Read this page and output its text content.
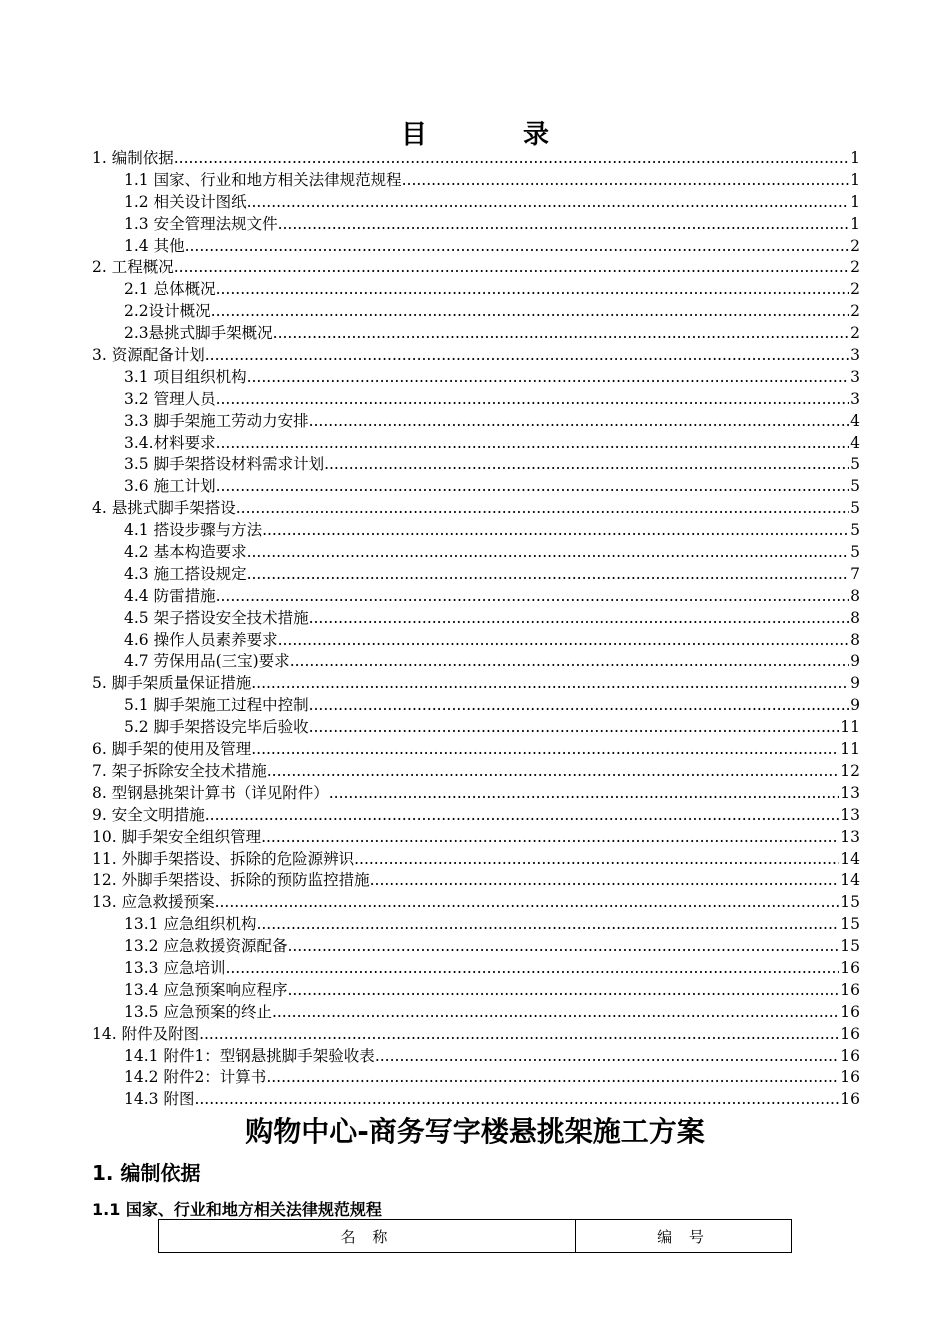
目	录
1. 编制依据 .....	1
1.1 国家、行业和地方相关法律规范规程 .....	1
1.2 相关设计图纸 .....	1
1.3 安全管理法规文件 .....	1
1.4 其他 .....	2
2. 工程概况 .....	2
2.1 总体概况 .....	2
2.2设计概况 .....	2
2.3悬挑式脚手架概况 .....	2
3. 资源配备计划 .....	3
3.1 项目组织机构 .....	3
3.2 管理人员 .....	3
3.3 脚手架施工劳动力安排 .....	4
3.4.材料要求 .....	4
3.5 脚手架搭设材料需求计划 .....	5
3.6 施工计划 .....	5
4. 悬挑式脚手架搭设 .....	5
4.1 搭设步骤与方法 .....	5
4.2 基本构造要求 .....	5
4.3 施工搭设规定 .....	7
4.4 防雷措施 .....	8
4.5 架子搭设安全技术措施 .....	8
4.6 操作人员素养要求 .....	8
4.7 劳保用品(三宝)要求 .....	9
5. 脚手架质量保证措施 .....	9
5.1 脚手架施工过程中控制 .....	9
5.2 脚手架搭设完毕后验收 .....	11
6. 脚手架的使用及管理 .....	11
7. 架子拆除安全技术措施 .....	12
8. 型钢悬挑架计算书（详见附件） .....	13
9. 安全文明措施 .....	13
10. 脚手架安全组织管理 .....	13
11. 外脚手架搭设、拆除的危险源辨识 .....	14
12. 外脚手架搭设、拆除的预防监控措施 .....	14
13. 应急救援预案 .....	15
13.1 应急组织机构 .....	15
13.2 应急救援资源配备 .....	15
13.3 应急培训 .....	16
13.4 应急预案响应程序 .....	16
13.5 应急预案的终止 .....	16
14. 附件及附图 .....	16
14.1 附件1：型钢悬挑脚手架验收表 .....	16
14.2 附件2：计算书 .....	16
14.3 附图 .....	16
购物中心-商务写字楼悬挑架施工方案
1. 编制依据
1.1 国家、行业和地方相关法律规范规程
名 称	编 号
